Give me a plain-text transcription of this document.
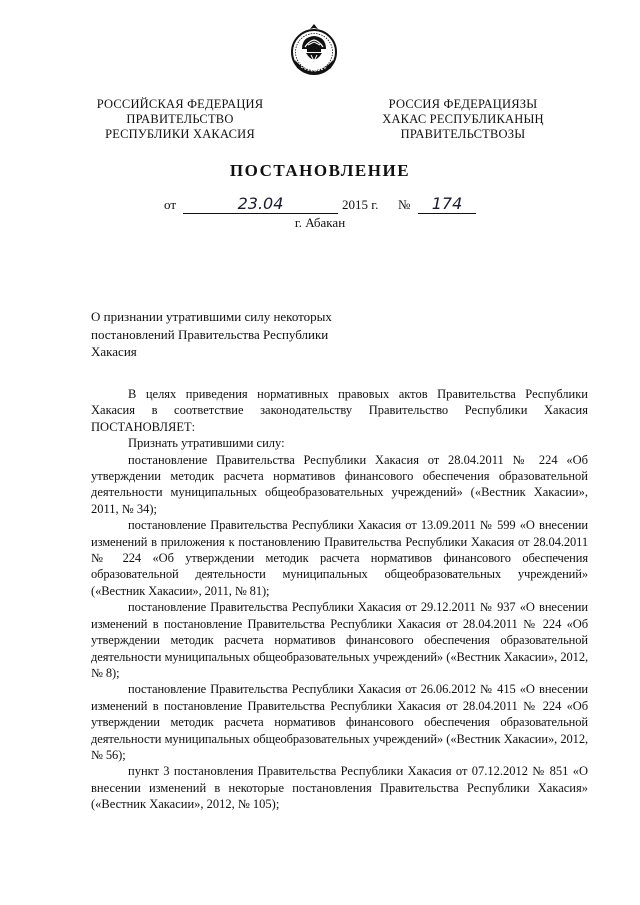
РОССИЙСКАЯ ФЕДЕРАЦИЯ
ПРАВИТЕЛЬСТВО
РЕСПУБЛИКИ ХАКАСИЯ
РОССИЯ ФЕДЕРАЦИЯЗЫ
ХАКАС РЕСПУБЛИКАНЫҢ
ПРАВИТЕЛЬСТВОЗЫ
ПОСТАНОВЛЕНИЕ
от	23.04	2015 г. №	174
г. Абакан
О признании утратившими силу некоторых
постановлений Правительства Республики
Хакасия

В целях приведения нормативных правовых актов Правительства Республики Хакасия в соответствие законодательству Правительство Республики Хакасия ПОСТАНОВЛЯЕТ:

Признать утратившими силу:

постановление Правительства Республики Хакасия от 28.04.2011 № 224 «Об утверждении методик расчета нормативов финансового обеспечения образовательной деятельности муниципальных общеобразовательных учреждений» («Вестник Хакасии», 2011, № 34);

постановление Правительства Республики Хакасия от 13.09.2011 № 599 «О внесении изменений в приложения к постановлению Правительства Республики Хакасия от 28.04.2011 № 224 «Об утверждении методик расчета нормативов финансового обеспечения образовательной деятельности муниципальных общеобразовательных учреждений» («Вестник Хакасии», 2011, № 81);

постановление Правительства Республики Хакасия от 29.12.2011 № 937 «О внесении изменений в постановление Правительства Республики Хакасия от 28.04.2011 № 224 «Об утверждении методик расчета нормативов финансового обеспечения образовательной деятельности муниципальных общеобразовательных учреждений» («Вестник Хакасии», 2012, № 8);

постановление Правительства Республики Хакасия от 26.06.2012 № 415 «О внесении изменений в постановление Правительства Республики Хакасия от 28.04.2011 № 224 «Об утверждении методик расчета нормативов финансового обеспечения образовательной деятельности муниципальных общеобразовательных учреждений» («Вестник Хакасии», 2012, № 56);

пункт 3 постановления Правительства Республики Хакасия от 07.12.2012 № 851 «О внесении изменений в некоторые постановления Правительства Республики Хакасия» («Вестник Хакасии», 2012, № 105);
